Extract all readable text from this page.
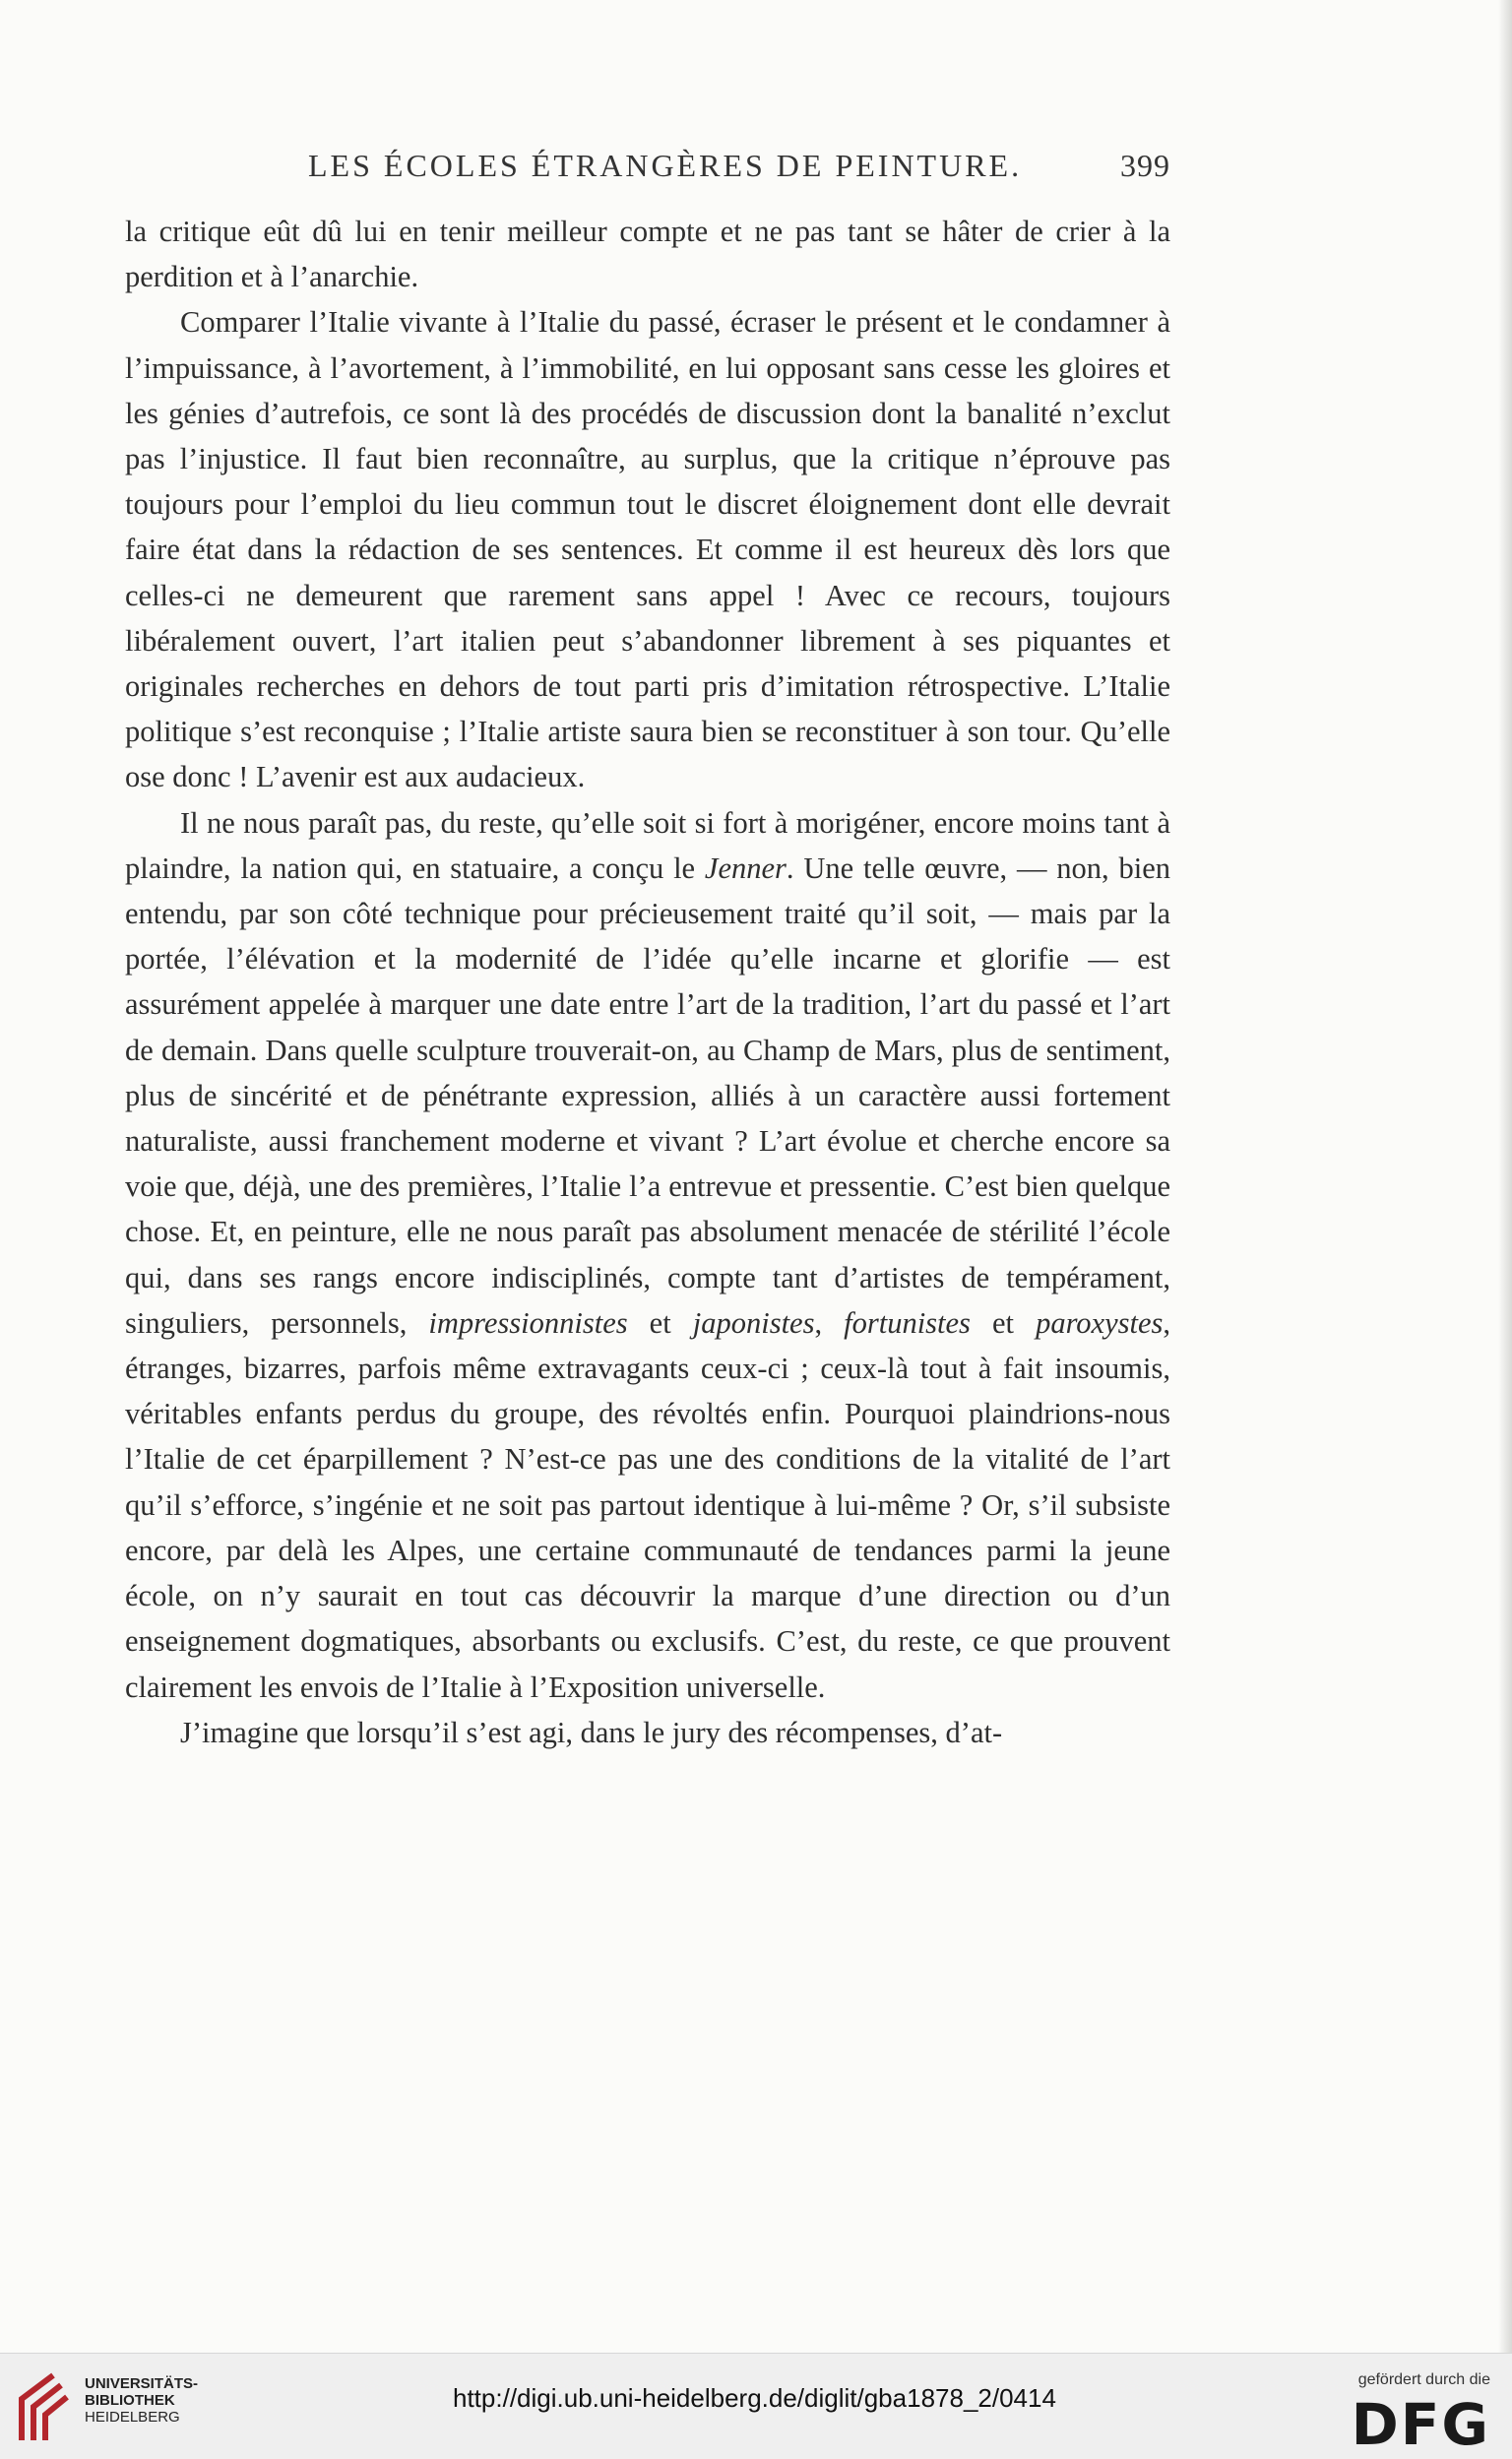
LES ÉCOLES ÉTRANGÈRES DE PEINTURE.	399

la critique eût dû lui en tenir meilleur compte et ne pas tant se hâter de crier à la perdition et à l’anarchie.

Comparer l’Italie vivante à l’Italie du passé, écraser le présent et le condamner à l’impuissance, à l’avortement, à l’immobilité, en lui opposant sans cesse les gloires et les génies d’autrefois, ce sont là des procédés de discussion dont la banalité n’exclut pas l’injustice. Il faut bien reconnaître, au surplus, que la critique n’éprouve pas toujours pour l’emploi du lieu commun tout le discret éloignement dont elle devrait faire état dans la rédaction de ses sentences. Et comme il est heureux dès lors que celles-ci ne demeurent que rarement sans appel ! Avec ce recours, toujours libéralement ouvert, l’art italien peut s’abandonner librement à ses piquantes et originales recherches en dehors de tout parti pris d’imitation rétrospective. L’Italie politique s’est reconquise ; l’Italie artiste saura bien se reconstituer à son tour. Qu’elle ose donc ! L’avenir est aux audacieux.

Il ne nous paraît pas, du reste, qu’elle soit si fort à morigéner, encore moins tant à plaindre, la nation qui, en statuaire, a conçu le Jenner. Une telle œuvre, — non, bien entendu, par son côté technique pour précieusement traité qu’il soit, — mais par la portée, l’élévation et la modernité de l’idée qu’elle incarne et glorifie — est assurément appelée à marquer une date entre l’art de la tradition, l’art du passé et l’art de demain. Dans quelle sculpture trouverait-on, au Champ de Mars, plus de sentiment, plus de sincérité et de pénétrante expression, alliés à un caractère aussi fortement naturaliste, aussi franchement moderne et vivant ? L’art évolue et cherche encore sa voie que, déjà, une des premières, l’Italie l’a entrevue et pressentie. C’est bien quelque chose. Et, en peinture, elle ne nous paraît pas absolument menacée de stérilité l’école qui, dans ses rangs encore indisciplinés, compte tant d’artistes de tempérament, singuliers, personnels, impressionnistes et japonistes, fortunistes et paroxystes, étranges, bizarres, parfois même extravagants ceux-ci ; ceux-là tout à fait insoumis, véritables enfants perdus du groupe, des révoltés enfin. Pourquoi plaindrions-nous l’Italie de cet éparpillement ? N’est-ce pas une des conditions de la vitalité de l’art qu’il s’efforce, s’ingénie et ne soit pas partout identique à lui-même ? Or, s’il subsiste encore, par delà les Alpes, une certaine communauté de tendances parmi la jeune école, on n’y saurait en tout cas découvrir la marque d’une direction ou d’un enseignement dogmatiques, absorbants ou exclusifs. C’est, du reste, ce que prouvent clairement les envois de l’Italie à l’Exposition universelle.

J’imagine que lorsqu’il s’est agi, dans le jury des récompenses, d’at-

UNIVERSITÄTS-
BIBLIOTHEK
HEIDELBERG
http://digi.ub.uni-heidelberg.de/diglit/gba1878_2/0414
gefördert durch die
DFG
